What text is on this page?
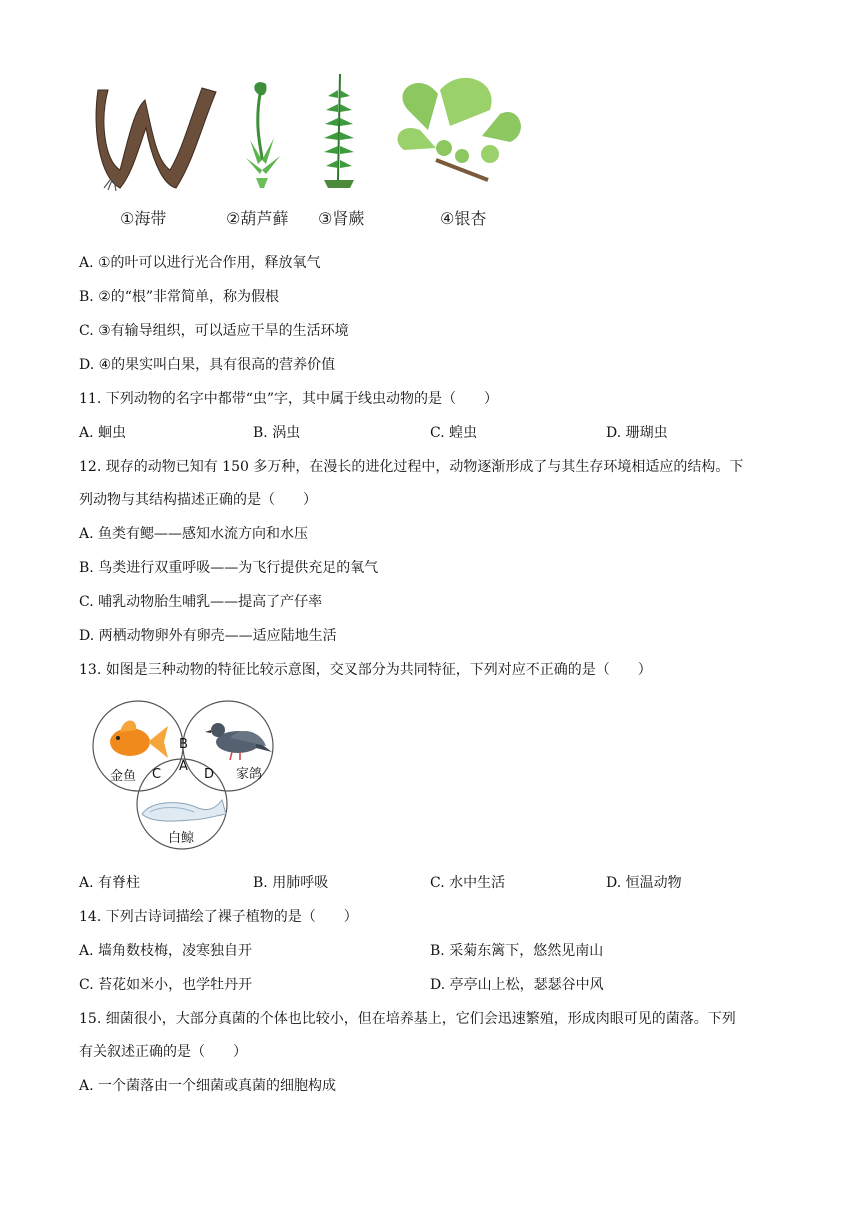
①海带	②葫芦藓 ③肾蕨	④银杏
A. ①的叶可以进行光合作用，释放氧气
B. ②的“根”非常简单，称为假根
C. ③有输导组织，可以适应干旱的生活环境
D. ④的果实叫白果，具有很高的营养价值
11. 下列动物的名字中都带“虫”字，其中属于线虫动物的是（　　）
A. 蛔虫	B. 涡虫	C. 蝗虫	D. 珊瑚虫
12. 现存的动物已知有 150 多万种，在漫长的进化过程中，动物逐渐形成了与其生存环境相适应的结构。下
列动物与其结构描述正确的是（　　）
A. 鱼类有鳃——感知水流方向和水压
B. 鸟类进行双重呼吸——为飞行提供充足的氧气
C. 哺乳动物胎生哺乳——提高了产仔率
D. 两栖动物卵外有卵壳——适应陆地生活
13. 如图是三种动物的特征比较示意图，交叉部分为共同特征，下列对应不正确的是（　　）
B
A
C	D
金鱼	家鸽
白鲸
A. 有脊柱	B. 用肺呼吸	C. 水中生活	D. 恒温动物
14. 下列古诗词描绘了裸子植物的是（　　）
A. 墙角数枝梅，凌寒独自开	B. 采菊东篱下，悠然见南山
C. 苔花如米小，也学牡丹开	D. 亭亭山上松，瑟瑟谷中风
15. 细菌很小，大部分真菌的个体也比较小，但在培养基上，它们会迅速繁殖，形成肉眼可见的菌落。下列
有关叙述正确的是（　　）
A. 一个菌落由一个细菌或真菌的细胞构成
